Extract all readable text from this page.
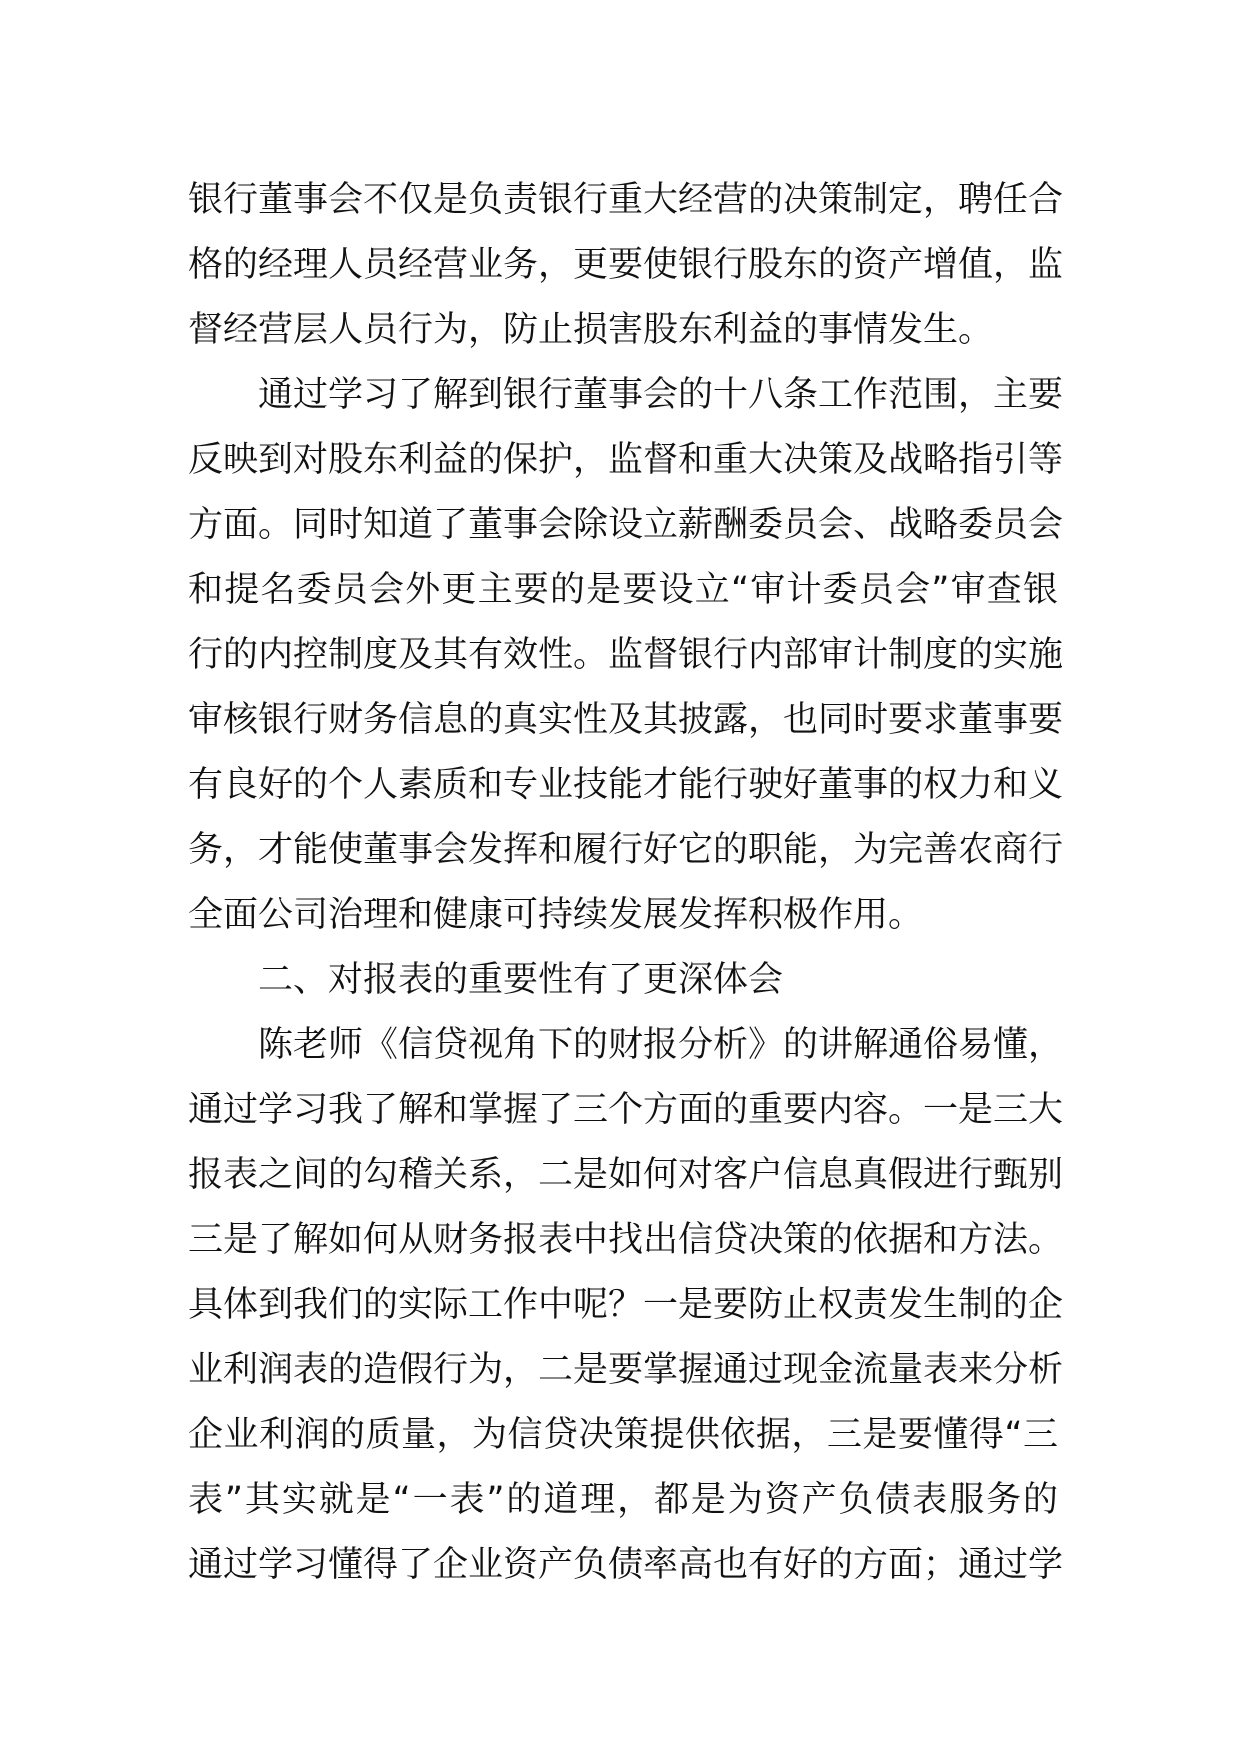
银行董事会不仅是负责银行重大经营的决策制定，聘任合
格的经理人员经营业务，更要使银行股东的资产增值，监
督经营层人员行为，防止损害股东利益的事情发生。
通过学习了解到银行董事会的十八条工作范围，主要
反映到对股东利益的保护，监督和重大决策及战略指引等
方面。同时知道了董事会除设立薪酬委员会、战略委员会
和提名委员会外更主要的是要设立“审计委员会”审查银
行的内控制度及其有效性。监督银行内部审计制度的实施
审核银行财务信息的真实性及其披露，也同时要求董事要
有良好的个人素质和专业技能才能行驶好董事的权力和义
务，才能使董事会发挥和履行好它的职能，为完善农商行
全面公司治理和健康可持续发展发挥积极作用。
二、对报表的重要性有了更深体会
陈老师《信贷视角下的财报分析》的讲解通俗易懂，
通过学习我了解和掌握了三个方面的重要内容。一是三大
报表之间的勾稽关系，二是如何对客户信息真假进行甄别
三是了解如何从财务报表中找出信贷决策的依据和方法。
具体到我们的实际工作中呢？一是要防止权责发生制的企
业利润表的造假行为，二是要掌握通过现金流量表来分析
企业利润的质量，为信贷决策提供依据，三是要懂得“三
表”其实就是“一表”的道理，都是为资产负债表服务的
通过学习懂得了企业资产负债率高也有好的方面；通过学
